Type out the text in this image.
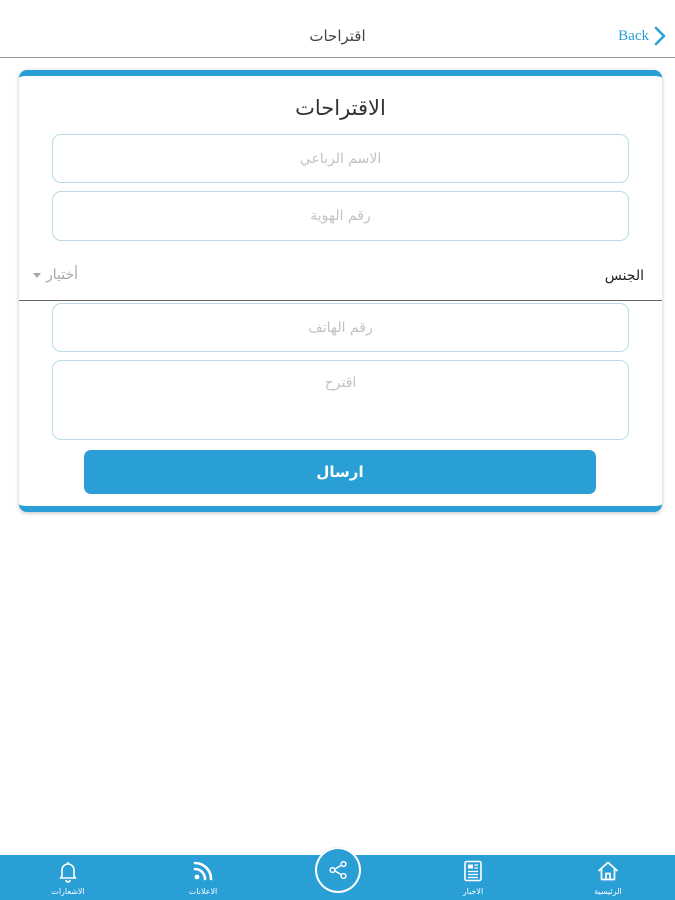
اقتراحات	Back
الاقتراحات
الاسم الرباعي
رقم الهوية
الجنس
أختيار
رقم الهاتف
اقترح
ارسال
الاشعارات	الاعلانات	الاخبار	الرئيسية
